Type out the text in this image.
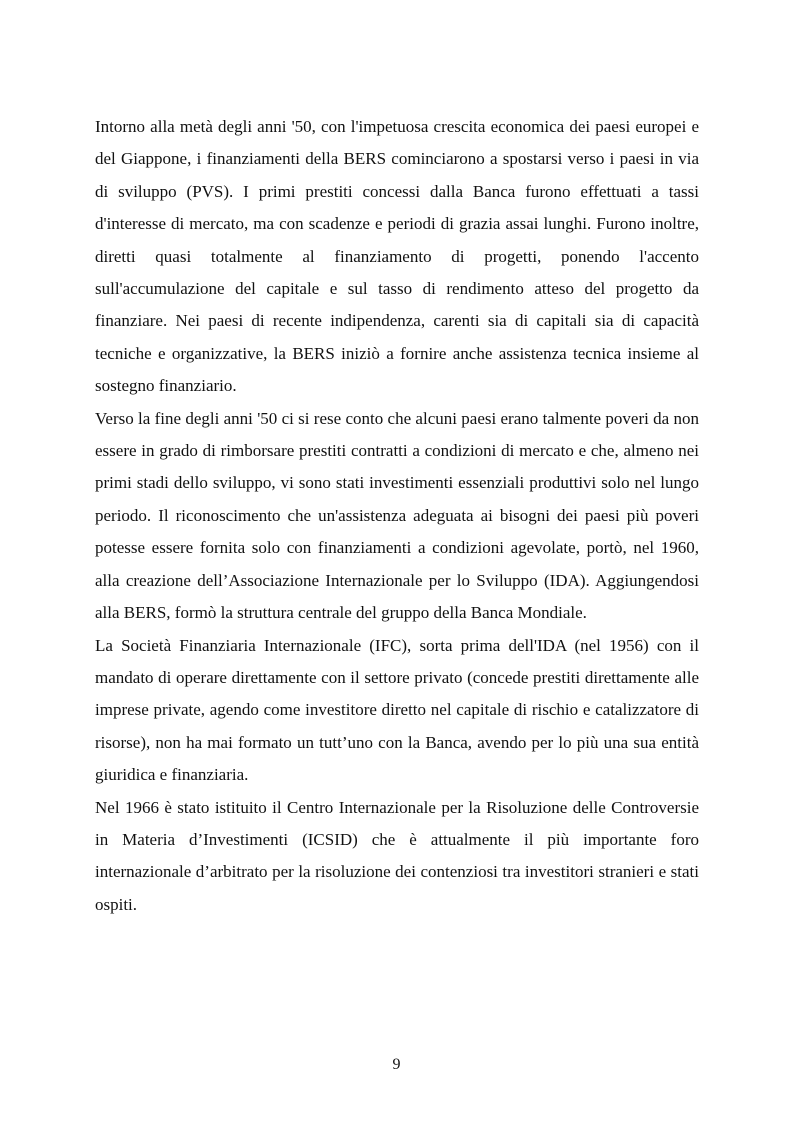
Intorno alla metà degli anni '50, con l'impetuosa crescita economica dei paesi europei e del Giappone, i finanziamenti della BERS cominciarono a spostarsi verso i paesi in via di sviluppo (PVS). I primi prestiti concessi dalla Banca furono effettuati a tassi d'interesse di mercato, ma con scadenze e periodi di grazia assai lunghi. Furono inoltre, diretti quasi totalmente al finanziamento di progetti, ponendo l'accento sull'accumulazione del capitale e sul tasso di rendimento atteso del progetto da finanziare. Nei paesi di recente indipendenza, carenti sia di capitali sia di capacità tecniche e organizzative, la BERS iniziò a fornire anche assistenza tecnica insieme al sostegno finanziario.

Verso la fine degli anni '50 ci si rese conto che alcuni paesi erano talmente poveri da non essere in grado di rimborsare prestiti contratti a condizioni di mercato e che, almeno nei primi stadi dello sviluppo, vi sono stati investimenti essenziali produttivi solo nel lungo periodo. Il riconoscimento che un'assistenza adeguata ai bisogni dei paesi più poveri potesse essere fornita solo con finanziamenti a condizioni agevolate, portò, nel 1960, alla creazione dell’Associazione Internazionale per lo Sviluppo (IDA). Aggiungendosi alla BERS, formò la struttura centrale del gruppo della Banca Mondiale.

La Società Finanziaria Internazionale (IFC), sorta prima dell'IDA (nel 1956) con il mandato di operare direttamente con il settore privato (concede prestiti direttamente alle imprese private, agendo come investitore diretto nel capitale di rischio e catalizzatore di risorse), non ha mai formato un tutt’uno con la Banca, avendo per lo più una sua entità giuridica e finanziaria.

Nel 1966 è stato istituito il Centro Internazionale per la Risoluzione delle Controversie in Materia d’Investimenti (ICSID) che è attualmente il più importante foro internazionale d’arbitrato per la risoluzione dei contenziosi tra investitori stranieri e stati ospiti.

9
